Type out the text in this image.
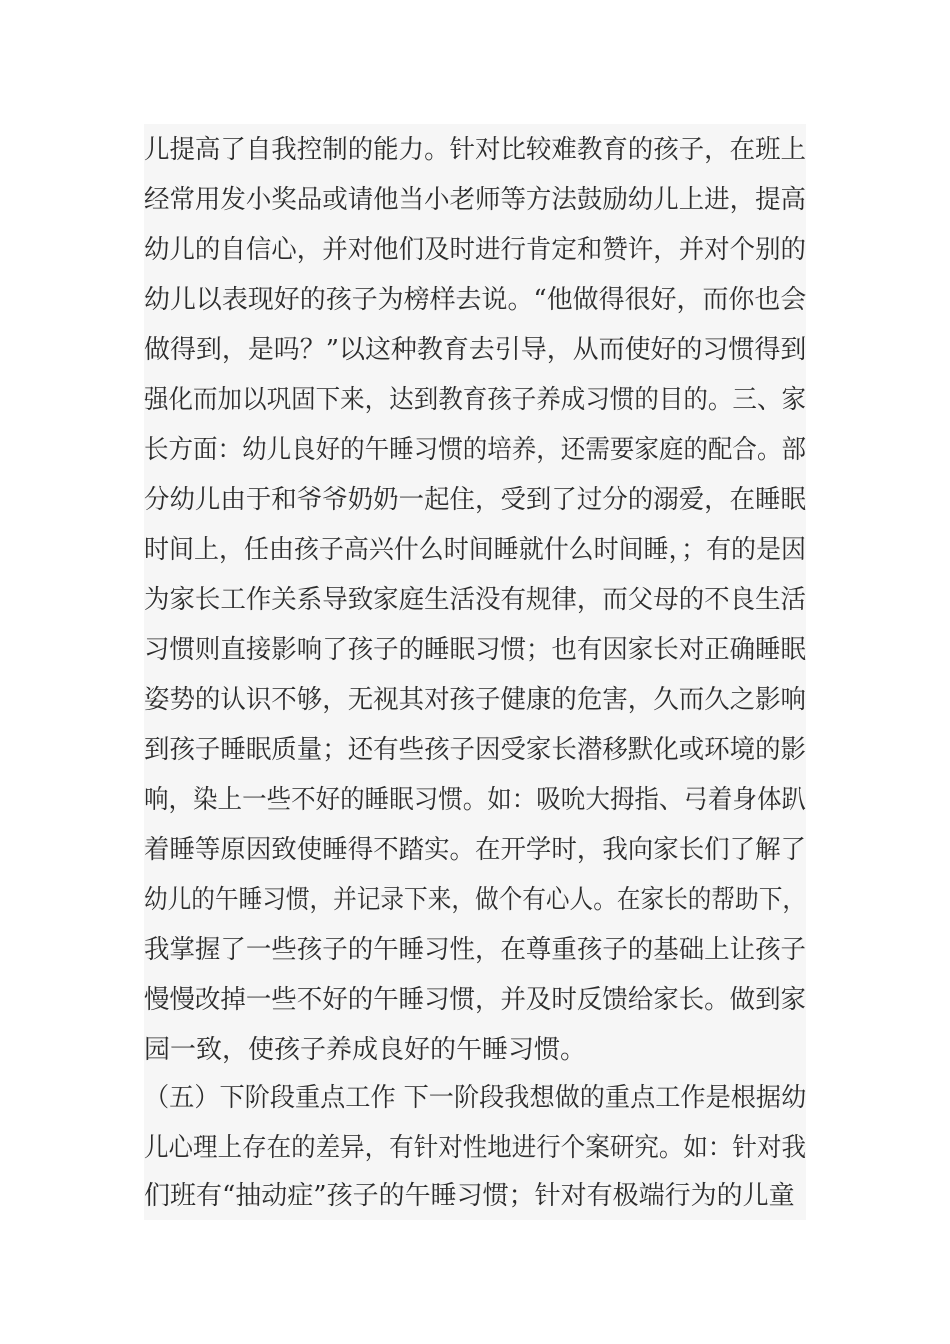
儿提高了自我控制的能力。针对比较难教育的孩子，在班上
经常用发小奖品或请他当小老师等方法鼓励幼儿上进，提高
幼儿的自信心，并对他们及时进行肯定和赞许，并对个别的
幼儿以表现好的孩子为榜样去说。“他做得很好，而你也会
做得到，是吗？”以这种教育去引导，从而使好的习惯得到
强化而加以巩固下来，达到教育孩子养成习惯的目的。三、家
长方面：幼儿良好的午睡习惯的培养，还需要家庭的配合。部
分幼儿由于和爷爷奶奶一起住，受到了过分的溺爱，在睡眠
时间上，任由孩子高兴什么时间睡就什么时间睡，；有的是因
为家长工作关系导致家庭生活没有规律，而父母的不良生活
习惯则直接影响了孩子的睡眠习惯；也有因家长对正确睡眠
姿势的认识不够，无视其对孩子健康的危害，久而久之影响
到孩子睡眠质量；还有些孩子因受家长潜移默化或环境的影
响，染上一些不好的睡眠习惯。如：吸吮大拇指、弓着身体趴
着睡等原因致使睡得不踏实。在开学时，我向家长们了解了
幼儿的午睡习惯，并记录下来，做个有心人。在家长的帮助下，
我掌握了一些孩子的午睡习性，在尊重孩子的基础上让孩子
慢慢改掉一些不好的午睡习惯，并及时反馈给家长。做到家
园一致，使孩子养成良好的午睡习惯。
（五）下阶段重点工作 下一阶段我想做的重点工作是根据幼
儿心理上存在的差异，有针对性地进行个案研究。如：针对我
们班有“抽动症”孩子的午睡习惯；针对有极端行为的儿童
